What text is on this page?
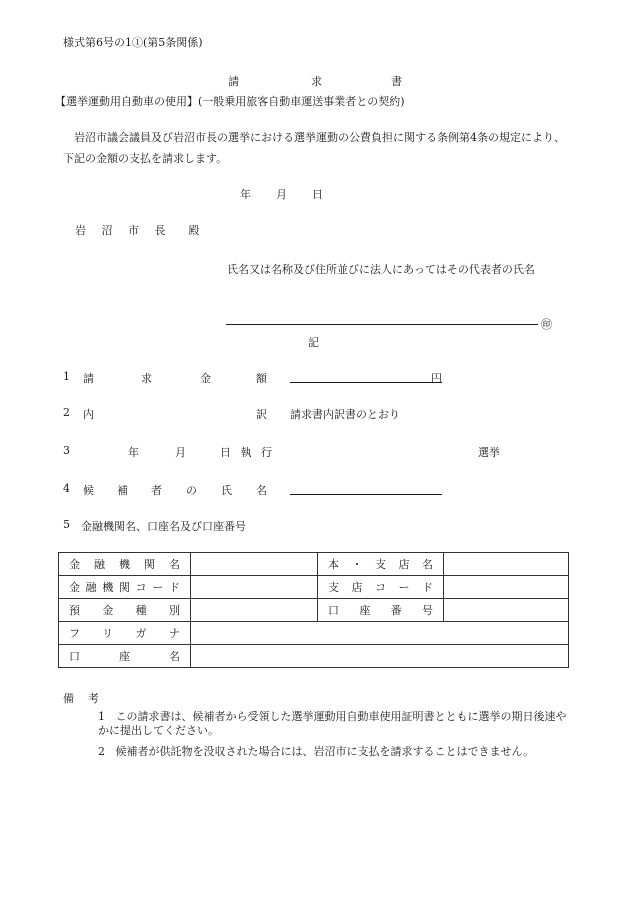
様式第6号の1①(第5条関係)
請	求	書
【選挙運動用自動車の使用】(一般乗用旅客自動車運送事業者との契約)
岩沼市議会議員及び岩沼市長の選挙における選挙運動の公費負担に関する条例第4条の規定により、下記の金額の支払を請求します。
年 月 日
岩 沼 市 長　殿
氏名又は名称及び住所並びに法人にあってはその代表者の氏名
㊞
記
1 請	求	金	額	円
2 内	訳 請求書内訳書のとおり
3	年	月	日 執 行	選挙
4 候 補 者 の 氏 名
5 金融機関名、口座名及び口座番号
金融機関名		本・支店名	
金融機関コード		支店コード	
預金種別		口座番号	
フリガナ			
口座名			
備考
1 この請求書は、候補者から受領した選挙運動用自動車使用証明書とともに選挙の期日後速やかに提出してください。
2 候補者が供託物を没収された場合には、岩沼市に支払を請求することはできません。
